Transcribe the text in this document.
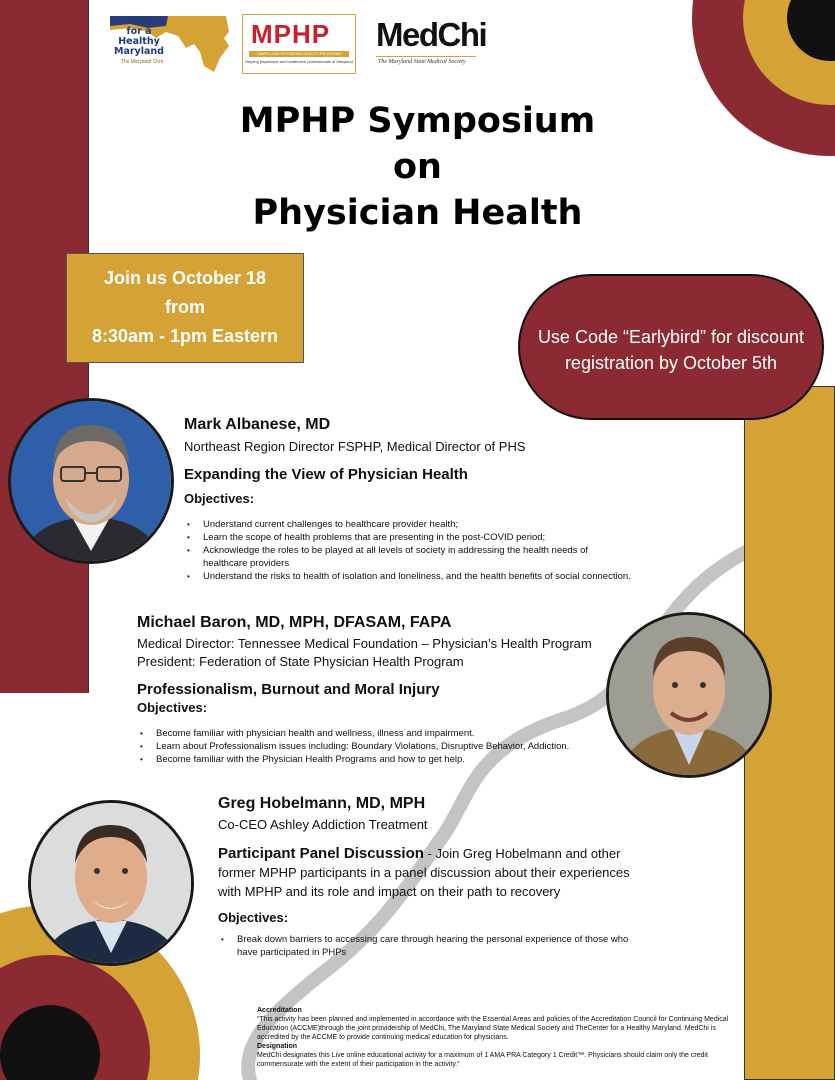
Center
for a
Healthy
Maryland
The Maryland Chm
MPHP
MARYLAND PHYSICIAN HEALTH PROGRAM
Helping physicians and healthcare professionals of Maryland
MedChi
The Maryland State Medical Society
MPHP Symposium
on
Physician Health
Join us October 18
from
8:30am - 1pm Eastern	Use Code “Earlybird” for discount
registration by October 5th
Mark Albanese, MD
Northeast Region Director FSPHP, Medical Director of PHS
Expanding the View of Physician Health
Objectives:
• Understand current challenges to healthcare provider health;
• Learn the scope of health problems that are presenting in the post-COVID period;
• Acknowledge the roles to be played at all levels of society in addressing the health needs of healthcare providers
• Understand the risks to health of isolation and loneliness, and the health benefits of social connection.
Michael Baron, MD, MPH, DFASAM, FAPA
Medical Director: Tennessee Medical Foundation – Physician’s Health Program
President: Federation of State Physician Health Program
Professionalism, Burnout and Moral Injury
Objectives:
• Become familiar with physician health and wellness, illness and impairment.
• Learn about Professionalism issues including: Boundary Violations, Disruptive Behavior, Addiction.
• Become familiar with the Physician Health Programs and how to get help.
Greg Hobelmann, MD, MPH
Co-CEO Ashley Addiction Treatment
Participant Panel Discussion - Join Greg Hobelmann and other former MPHP participants in a panel discussion about their experiences with MPHP and its role and impact on their path to recovery
Objectives:
• Break down barriers to accessing care through hearing the personal experience of those who have participated in PHPs
Accreditation
“This activity has been planned and implemented in accordance with the Essential Areas and policies of the Accreditation Council for Continuing Medical Education (ACCME)through the joint providership of MedChi, The Maryland State Medical Society and TheCenter for a Healthy Maryland. MedChi is accredited by the ACCME to provide continuing medical education for physicians.
Designation
MedChi designates this Live online educational activity for a maximum of 1 AMA PRA Category 1 Credit™. Physicians should claim only the credit commensurate with the extent of their participation in the activity.”
